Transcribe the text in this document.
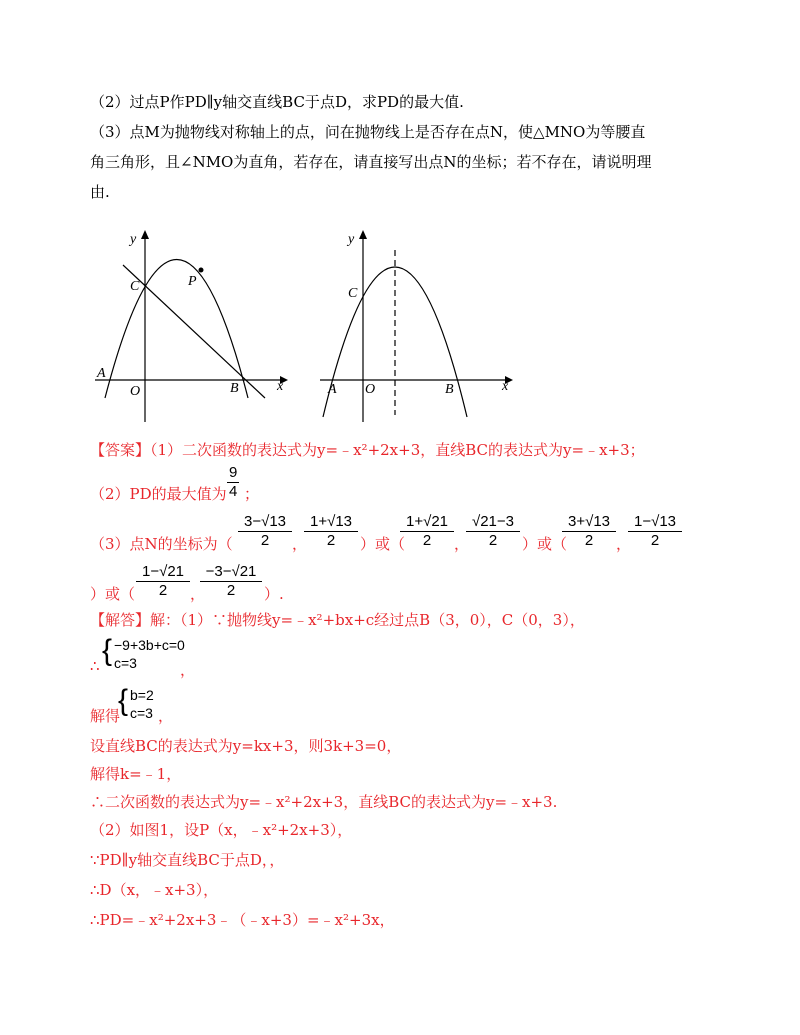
（2）过点P作PD∥y轴交直线BC于点D，求PD的最大值.
（3）点M为抛物线对称轴上的点，问在抛物线上是否存在点N，使△MNO为等腰直
角三角形，且∠NMO为直角，若存在，请直接写出点N的坐标；若不存在，请说明理
由.
y
x
C	P
A
O	B
y
x
C
A O	B
【答案】（1）二次函数的表达式为y=﹣x²+2x+3，直线BC的表达式为y=﹣x+3；
（2）PD的最大值为 $\frac{9}{4}$ ；
（3）点N的坐标为（ $\frac{3-√13}{2}$ ，
$\frac{1+√13}{2}$ ）或（
$\frac{1+√21}{2}$ ，
$\frac{√21-3}{2}$ ）或（
$\frac{3+√13}{2}$ ，
$\frac{1-√13}{2}$
）或（ $\frac{1-√21}{2}$ ，
$\frac{-3-√21}{2}$ ）.
【解答】解：（1）∵抛物线y=﹣x²+bx+c经过点B（3，0），C（0，3），
∴ { −9+3b+c=0
c=3	，
解得
{ b=2
c=3 ，
设直线BC的表达式为y=kx+3，则3k+3=0，
解得k=﹣1，
∴二次函数的表达式为y=﹣x²+2x+3，直线BC的表达式为y=﹣x+3.
（2）如图1，设P（x，﹣x²+2x+3），
∵PD∥y轴交直线BC于点D，，
∴D（x，﹣x+3），
∴PD=﹣x²+2x+3﹣（﹣x+3）=﹣x²+3x，
